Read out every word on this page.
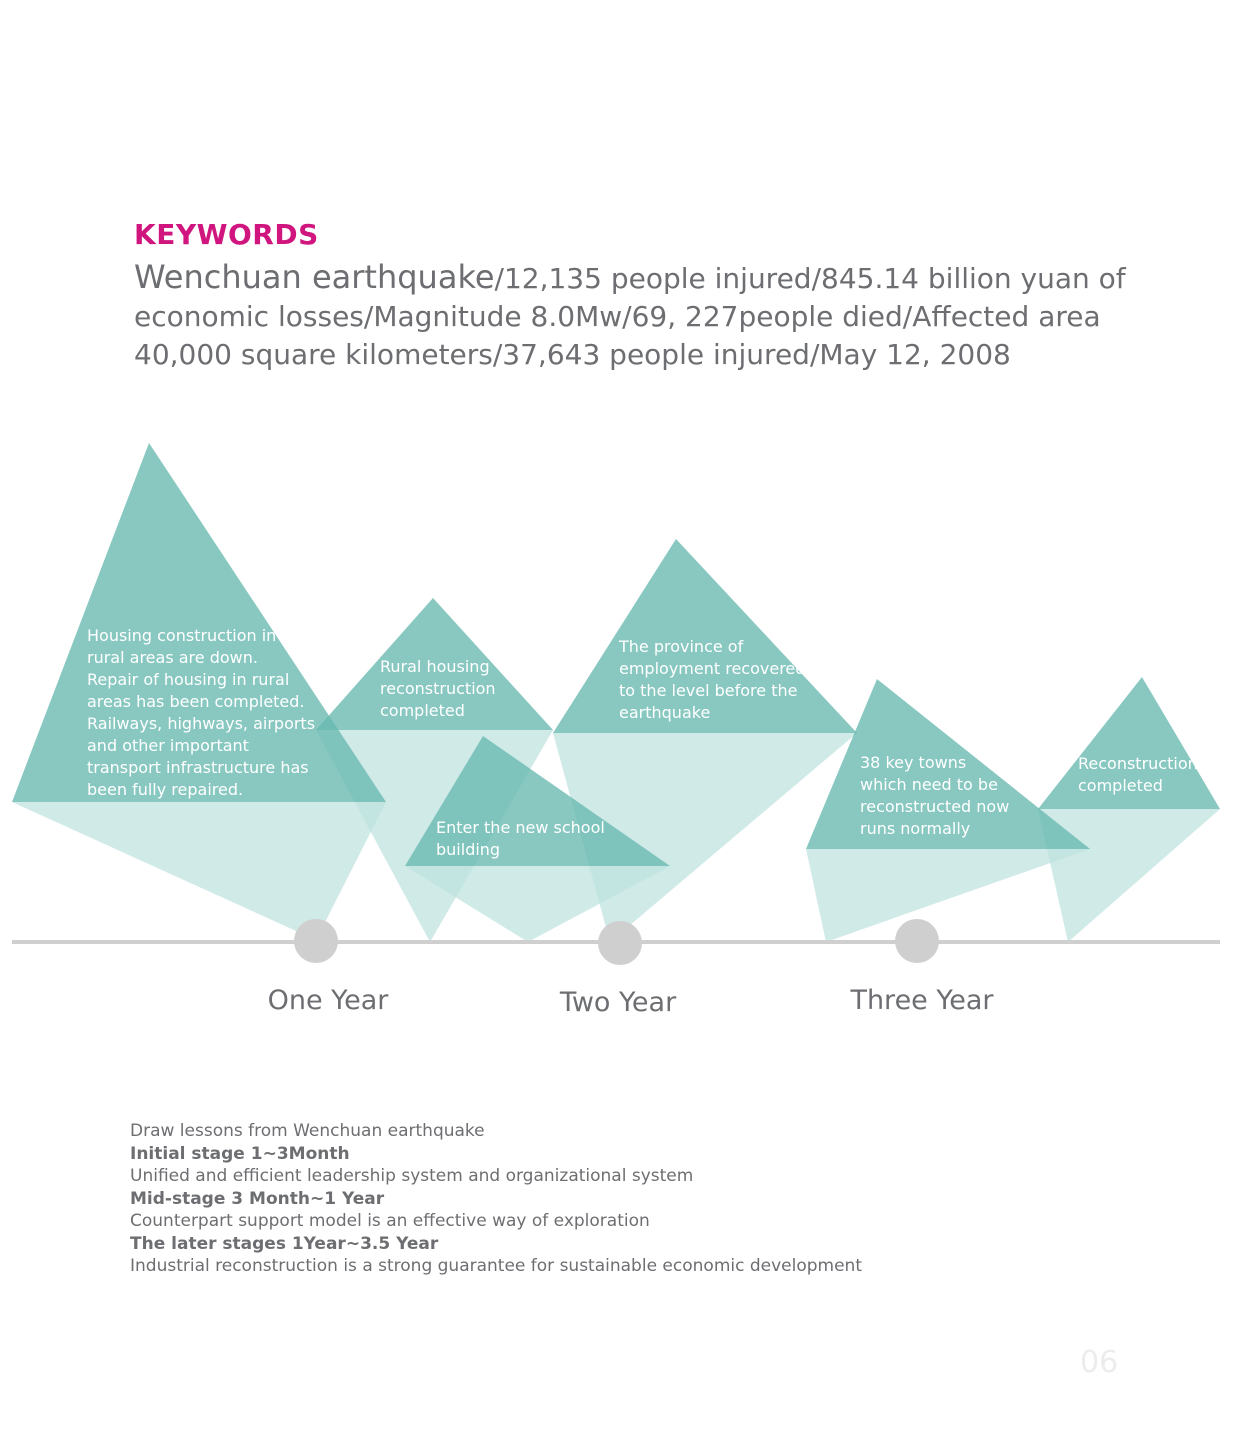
KEYWORDS
Wenchuan earthquake/12,135 people injured/845.14 billion yuan of
economic losses/Magnitude 8.0Mw/69, 227people died/Affected area
40,000 square kilometers/37,643 people injured/May 12, 2008
Housing construction in
rural areas are down.
Repair of housing in rural
areas has been completed.
Railways, highways, airports
and other important
transport infrastructure has
been fully repaired.
Rural housing
reconstruction
completed
Enter the new school
building
The province of
employment recovered
to the level before the
earthquake
38 key towns
which need to be
reconstructed now
runs normally
Reconstruction
completed
One Year	Two Year	Three Year
Draw lessons from Wenchuan earthquake
Initial stage 1~3Month
Unified and efficient leadership system and organizational system
Mid-stage 3 Month~1 Year
Counterpart support model is an effective way of exploration
The later stages 1Year~3.5 Year
Industrial reconstruction is a strong guarantee for sustainable economic development
06
